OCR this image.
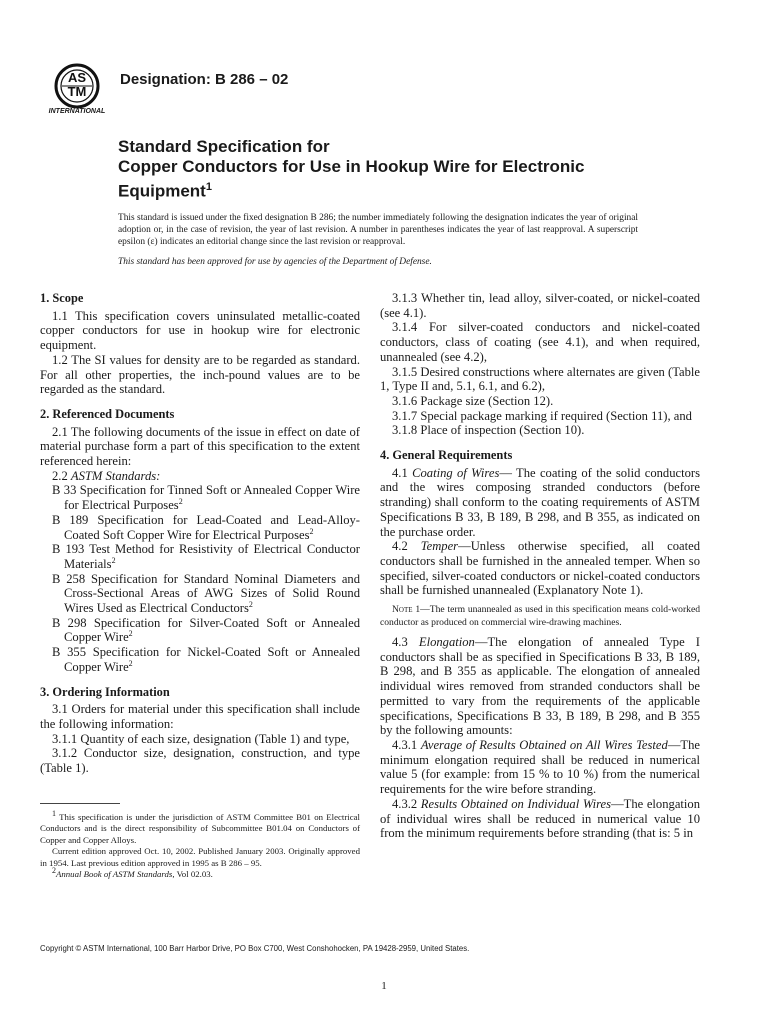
AS
TM
INTERNATIONAL
Designation: B 286 – 02
Standard Specification for
Copper Conductors for Use in Hookup Wire for Electronic
Equipment$^1$
This standard is issued under the fixed designation B 286; the number immediately following the designation indicates the year of original adoption or, in the case of revision, the year of last revision. A number in parentheses indicates the year of last reapproval. A superscript epsilon (ε) indicates an editorial change since the last revision or reapproval.
This standard has been approved for use by agencies of the Department of Defense.

1. Scope

1.1 This specification covers uninsulated metallic-coated copper conductors for use in hookup wire for electronic equipment.

1.2 The SI values for density are to be regarded as standard. For all other properties, the inch-pound values are to be regarded as the standard.

2. Referenced Documents

2.1 The following documents of the issue in effect on date of material purchase form a part of this specification to the extent referenced herein:

2.2 ASTM Standards:

B 33 Specification for Tinned Soft or Annealed Copper Wire for Electrical Purposes$^2$

B 189 Specification for Lead-Coated and Lead-Alloy-Coated Soft Copper Wire for Electrical Purposes$^2$

B 193 Test Method for Resistivity of Electrical Conductor Materials$^2$

B 258 Specification for Standard Nominal Diameters and Cross-Sectional Areas of AWG Sizes of Solid Round Wires Used as Electrical Conductors$^2$

B 298 Specification for Silver-Coated Soft or Annealed Copper Wire$^2$

B 355 Specification for Nickel-Coated Soft or Annealed Copper Wire$^2$

3. Ordering Information

3.1 Orders for material under this specification shall include the following information:

3.1.1 Quantity of each size, designation (Table 1) and type,

3.1.2 Conductor size, designation, construction, and type (Table 1).

3.1.3 Whether tin, lead alloy, silver-coated, or nickel-coated (see 4.1).

3.1.4 For silver-coated conductors and nickel-coated conductors, class of coating (see 4.1), and when required, unannealed (see 4.2),

3.1.5 Desired constructions where alternates are given (Table 1, Type II and, 5.1, 6.1, and 6.2),

3.1.6 Package size (Section 12).

3.1.7 Special package marking if required (Section 11), and

3.1.8 Place of inspection (Section 10).

4. General Requirements

4.1 Coating of Wires— The coating of the solid conductors and the wires composing stranded conductors (before stranding) shall conform to the coating requirements of ASTM Specifications B 33, B 189, B 298, and B 355, as indicated on the purchase order.

4.2 Temper—Unless otherwise specified, all coated conductors shall be furnished in the annealed temper. When so specified, silver-coated conductors or nickel-coated conductors shall be furnished unannealed (Explanatory Note 1).

Note 1—The term unannealed as used in this specification means cold-worked conductor as produced on commercial wire-drawing machines.

4.3 Elongation—The elongation of annealed Type I conductors shall be as specified in Specifications B 33, B 189, B 298, and B 355 as applicable. The elongation of annealed individual wires removed from stranded conductors shall be permitted to vary from the requirements of the applicable specifications, Specifications B 33, B 189, B 298, and B 355 by the following amounts:

4.3.1 Average of Results Obtained on All Wires Tested—The minimum elongation required shall be reduced in numerical value 5 (for example: from 15 % to 10 %) from the numerical requirements for the wire before stranding.

4.3.2 Results Obtained on Individual Wires—The elongation of individual wires shall be reduced in numerical value 10 from the minimum requirements before stranding (that is: 5 in

$^1$ This specification is under the jurisdiction of ASTM Committee B01 on Electrical Conductors and is the direct responsibility of Subcommittee B01.04 on Conductors of Copper and Copper Alloys.

Current edition approved Oct. 10, 2002. Published January 2003. Originally approved in 1954. Last previous edition approved in 1995 as B 286 – 95.

$^2$Annual Book of ASTM Standards, Vol 02.03.

Copyright © ASTM International, 100 Barr Harbor Drive, PO Box C700, West Conshohocken, PA 19428-2959, United States.
1
